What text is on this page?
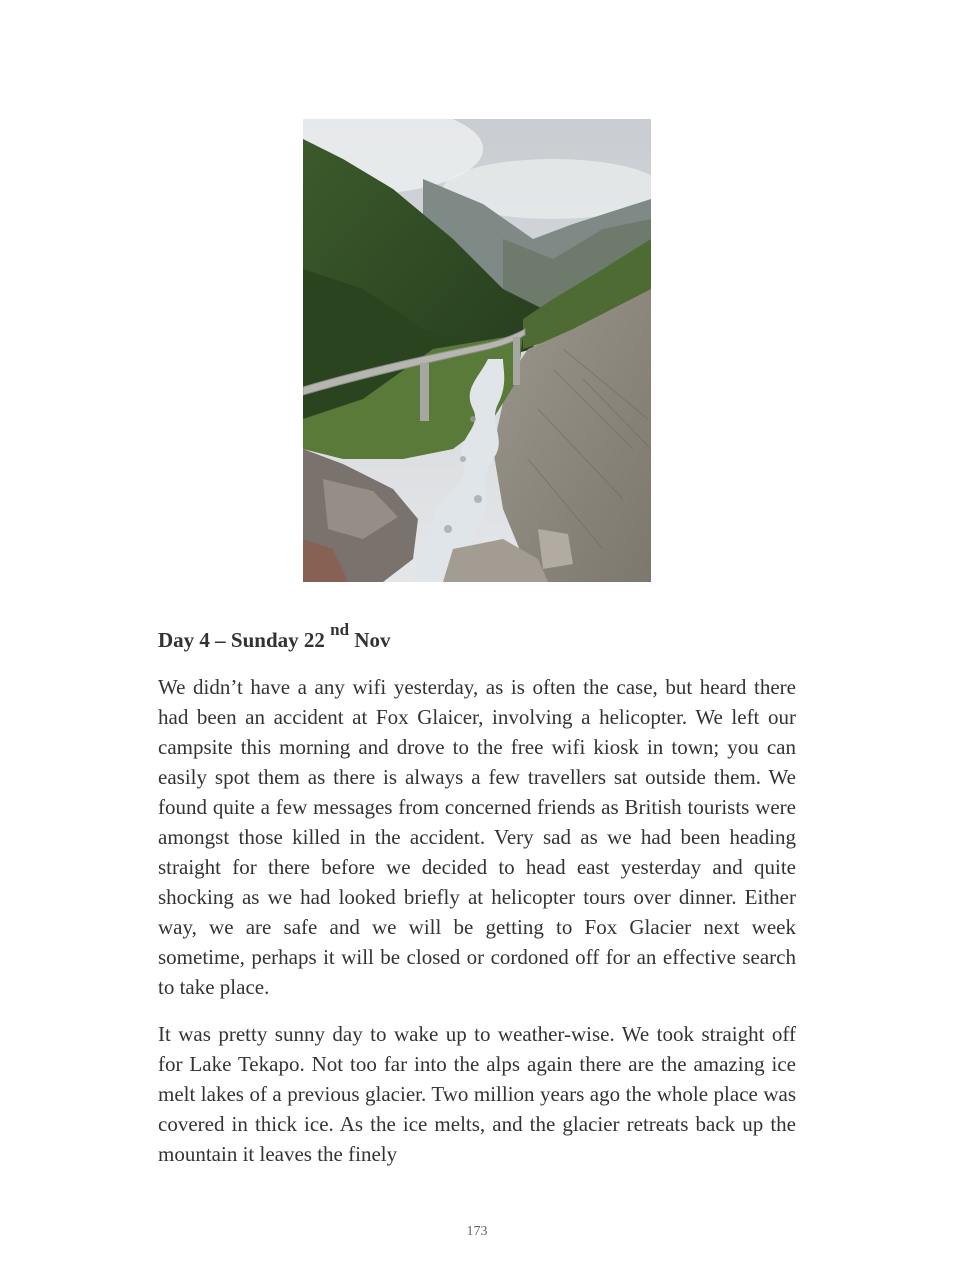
Day 4 – Sunday 22 $^{nd}$ Nov

We didn’t have a any wifi yesterday, as is often the case, but heard there had been an accident at Fox Glaicer, involving a helicopter. We left our campsite this morning and drove to the free wifi kiosk in town; you can easily spot them as there is always a few travellers sat outside them. We found quite a few messages from concerned friends as British tourists were amongst those killed in the accident. Very sad as we had been heading straight for there before we decided to head east yesterday and quite shocking as we had looked briefly at helicopter tours over dinner. Either way, we are safe and we will be getting to Fox Glacier next week sometime, perhaps it will be closed or cordoned off for an effective search to take place.

It was pretty sunny day to wake up to weather-wise. We took straight off for Lake Tekapo. Not too far into the alps again there are the amazing ice melt lakes of a previous glacier. Two million years ago the whole place was covered in thick ice. As the ice melts, and the glacier retreats back up the mountain it leaves the finely

173
